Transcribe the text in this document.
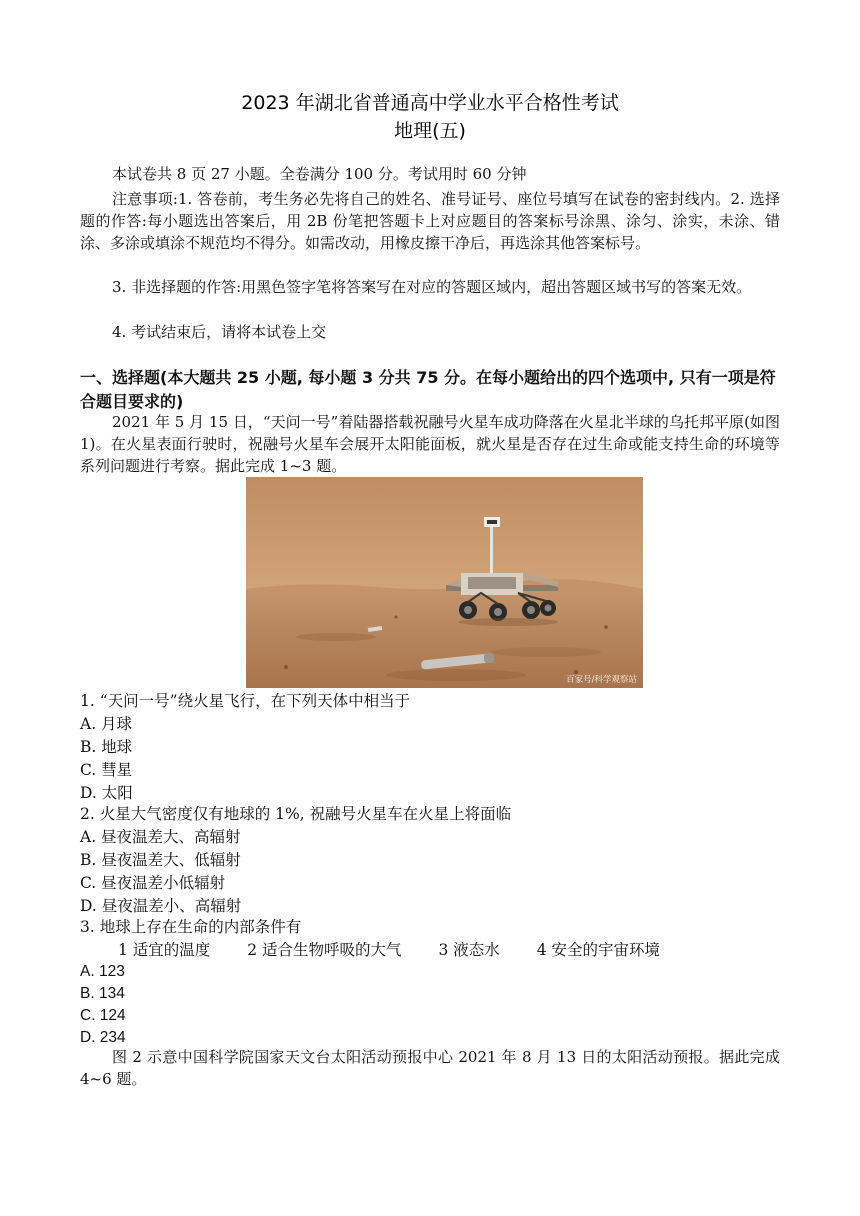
2023 年湖北省普通高中学业水平合格性考试
地理(五)
本试卷共 8 页 27 小题。全卷满分 100 分。考试用时 60 分钟
注意事项:1. 答卷前，考生务必先将自己的姓名、准号证号、座位号填写在试卷的密封线内。2. 选择题的作答:每小题选出答案后，用 2B 份笔把答题卡上对应题目的答案标号涂黑、涂匀、涂实，未涂、错涂、多涂或填涂不规范均不得分。如需改动，用橡皮擦干净后，再选涂其他答案标号。
3. 非选择题的作答:用黑色签字笔将答案写在对应的答题区域内，超出答题区域书写的答案无效。
4. 考试结束后，请将本试卷上交
一、选择题(本大题共 25 小题, 每小题 3 分共 75 分。在每小题给出的四个选项中, 只有一项是符合题目要求的)
2021 年 5 月 15 日，“天问一号”着陆器搭载祝融号火星车成功降落在火星北半球的乌托邦平原(如图 1)。在火星表面行驶时，祝融号火星车会展开太阳能面板，就火星是否存在过生命或能支持生命的环境等系列问题进行考察。据此完成 1~3 题。
百家号/科学观察站
1. “天问一号”绕火星飞行，在下列天体中相当于
A. 月球
B. 地球
C. 彗星
D. 太阳
2. 火星大气密度仅有地球的 1%, 祝融号火星车在火星上将面临
A. 昼夜温差大、高辐射
B. 昼夜温差大、低辐射
C. 昼夜温差小低辐射
D. 昼夜温差小、高辐射
3. 地球上存在生命的内部条件有
1 适宜的温度 2 适合生物呼吸的大气 3 液态水 4 安全的宇宙环境
A. 123
B. 134
C. 124
D. 234
图 2 示意中国科学院国家天文台太阳活动预报中心 2021 年 8 月 13 日的太阳活动预报。据此完成 4~6 题。
